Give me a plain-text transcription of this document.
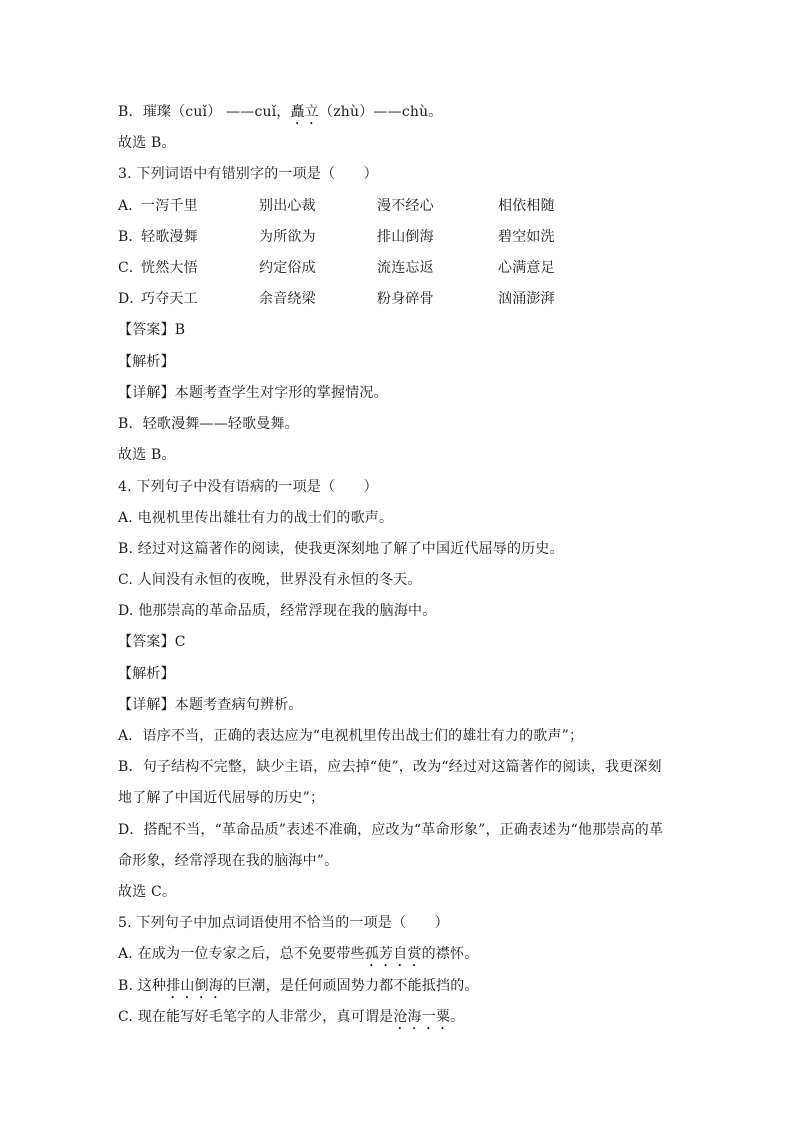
B．璀璨（cuǐ） ——cuǐ，矗立（zhù）——chù。
故选 B。
3. 下列词语中有错别字的一项是（　　）
A．
一泻千里	别出心裁	漫不经心	相依相随
B．
轻歌漫舞	为所欲为	排山倒海	碧空如洗
C．
恍然大悟	约定俗成	流连忘返	心满意足
D．
巧夺天工	余音绕梁	粉身碎骨	汹涌澎湃
【答案】B
【解析】
【详解】本题考查学生对字形的掌握情况。
B．轻歌漫舞——轻歌曼舞。
故选 B。
4. 下列句子中没有语病的一项是（　　）
A. 电视机里传出雄壮有力的战士们的歌声。
B. 经过对这篇著作的阅读，使我更深刻地了解了中国近代屈辱的历史。
C. 人间没有永恒的夜晚，世界没有永恒的冬天。
D. 他那崇高的革命品质，经常浮现在我的脑海中。
【答案】C
【解析】
【详解】本题考查病句辨析。
A．语序不当，正确的表达应为“电视机里传出战士们的雄壮有力的歌声”；
B．句子结构不完整，缺少主语，应去掉“使”，改为“经过对这篇著作的阅读，我更深刻
地了解了中国近代屈辱的历史”；
D．搭配不当，“革命品质”表述不准确，应改为“革命形象”，正确表述为“他那崇高的革
命形象，经常浮现在我的脑海中”。
故选 C。
5. 下列句子中加点词语使用不恰当的一项是（　　）
A. 在成为一位专家之后，总不免要带些孤芳自赏的襟怀。
B. 这种排山倒海的巨潮，是任何顽固势力都不能抵挡的。
C. 现在能写好毛笔字的人非常少，真可谓是沧海一粟。
